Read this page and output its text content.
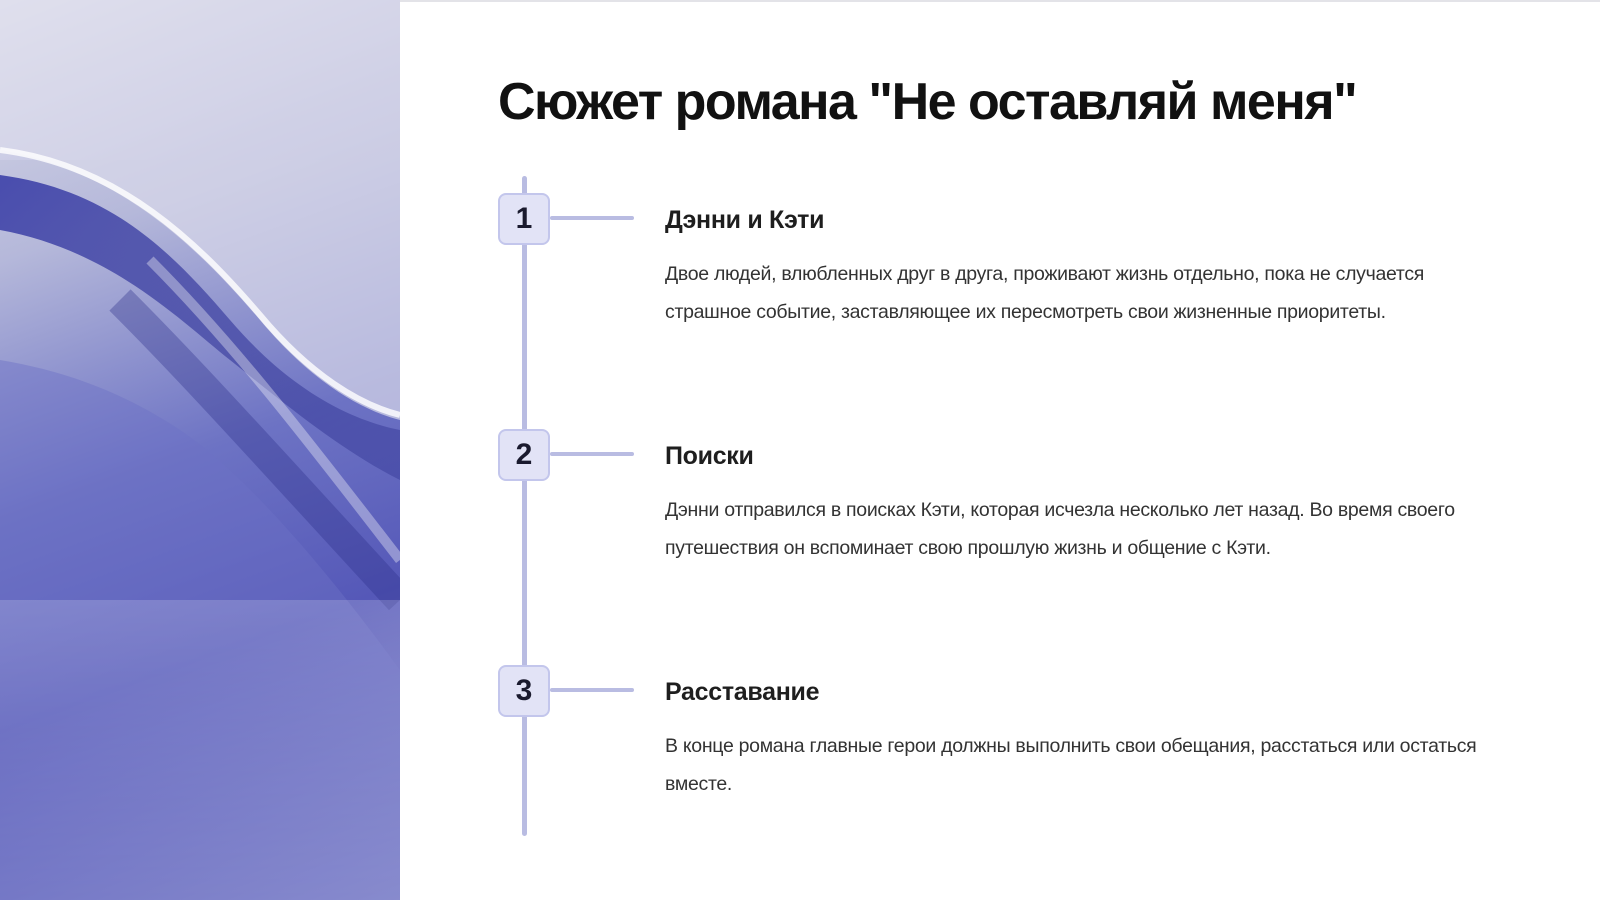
Сюжет романа "Не оставляй меня"
1	Дэнни и Кэти

Двое людей, влюбленных друг в друга, проживают жизнь отдельно, пока не случается страшное событие, заставляющее их пересмотреть свои жизненные приоритеты.

2	Поиски

Дэнни отправился в поисках Кэти, которая исчезла несколько лет назад. Во время своего путешествия он вспоминает свою прошлую жизнь и общение с Кэти.

3	Расставание

В конце романа главные герои должны выполнить свои обещания, расстаться или остаться вместе.
